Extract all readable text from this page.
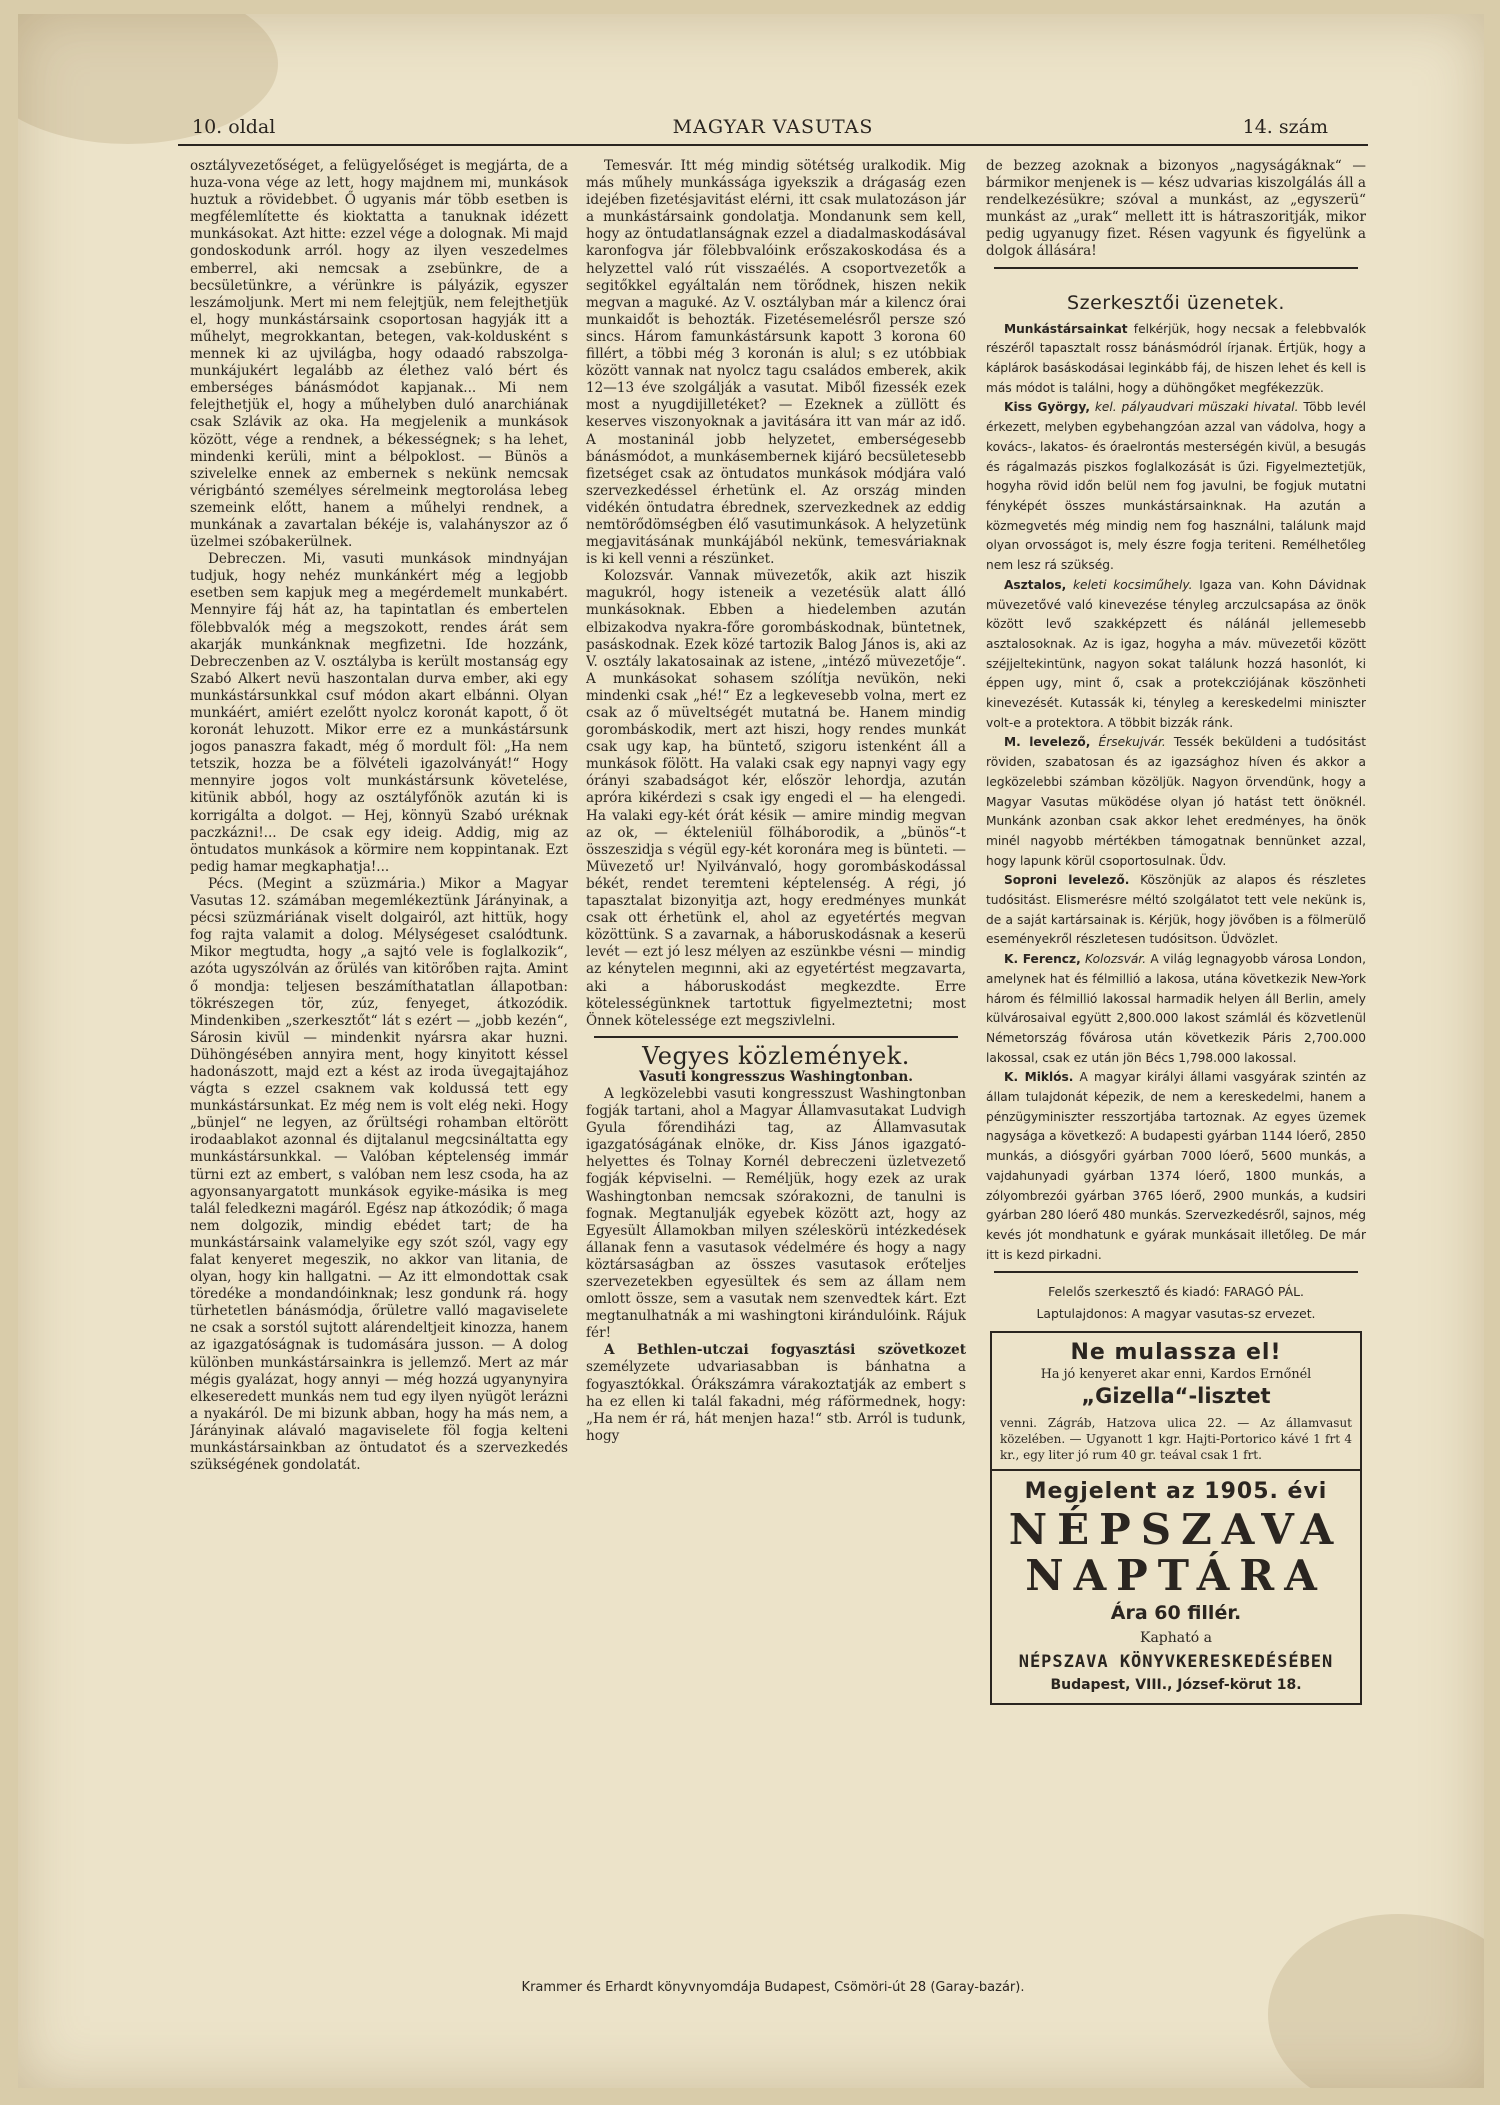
10. oldal	MAGYAR VASUTAS	14. szám

osztályvezetőséget, a felügyelőséget is megjárta, de a huza-vona vége az lett, hogy majdnem mi, munkások huztuk a rövidebbet. Ő ugyanis már több esetben is megfélemlítette és kioktatta a tanuknak idézett munkásokat. Azt hitte: ezzel vége a dolognak. Mi majd gondoskodunk arról. hogy az ilyen veszedelmes emberrel, aki nemcsak a zsebünkre, de a becsületünkre, a vérünkre is pályázik, egyszer leszámoljunk. Mert mi nem felejtjük, nem felejthetjük el, hogy munkástársaink csoportosan hagyják itt a műhelyt, megrokkantan, betegen, vak-koldusként s mennek ki az ujvilágba, hogy odaadó rabszolga-munkájukért legalább az élethez való bért és emberséges bánásmódot kapjanak... Mi nem felejthetjük el, hogy a műhelyben duló anarchiának csak Szlávik az oka. Ha megjelenik a munkások között, vége a rendnek, a békességnek; s ha lehet, mindenki kerüli, mint a bélpoklost. — Bünös a szivelelke ennek az embernek s nekünk nemcsak vérigbántó személyes sérelmeink megtorolása lebeg szemeink előtt, hanem a műhelyi rendnek, a munkának a zavartalan békéje is, valahányszor az ő üzelmei szóbakerülnek.

Debreczen. Mi, vasuti munkások mindnyájan tudjuk, hogy nehéz munkánkért még a legjobb esetben sem kapjuk meg a megérdemelt munkabért. Mennyire fáj hát az, ha tapintatlan és embertelen fölebbvalók még a megszokott, rendes árát sem akarják munkánknak megfizetni. Ide hozzánk, Debreczenben az V. osztályba is került mostanság egy Szabó Alkert nevü haszontalan durva ember, aki egy munkástársunkkal csuf módon akart elbánni. Olyan munkáért, amiért ezelőtt nyolcz koronát kapott, ő öt koronát lehuzott. Mikor erre ez a munkástársunk jogos panaszra fakadt, még ő mordult föl: „Ha nem tetszik, hozza be a fölvételi igazolványát!“ Hogy mennyire jogos volt munkástársunk követelése, kitünik abból, hogy az osztályfőnök azután ki is korrigálta a dolgot. — Hej, könnyü Szabó uréknak paczkázni!... De csak egy ideig. Addig, mig az öntudatos munkások a körmire nem koppintanak. Ezt pedig hamar megkaphatja!...

Pécs. (Megint a szüzmária.) Mikor a Magyar Vasutas 12. számában megemlékeztünk Járányinak, a pécsi szüzmáriának viselt dolgairól, azt hittük, hogy fog rajta valamit a dolog. Mélységeset csalódtunk. Mikor megtudta, hogy „a sajtó vele is foglalkozik“, azóta ugyszólván az őrülés van kitörőben rajta. Amint ő mondja: teljesen beszámíthatatlan állapotban: tökrészegen tör, zúz, fenyeget, átkozódik. Mindenkiben „szerkesztőt“ lát s ezért — „jobb kezén“, Sárosin kivül — mindenkit nyársra akar huzni. Dühöngésében annyira ment, hogy kinyitott késsel hadonászott, majd ezt a kést az iroda üvegajtajához vágta s ezzel csaknem vak koldussá tett egy munkástársunkat. Ez még nem is volt elég neki. Hogy „bünjel“ ne legyen, az őrültségi rohamban eltörött irodaablakot azonnal és dijtalanul megcsináltatta egy munkástársunkkal. — Valóban képtelenség immár türni ezt az embert, s valóban nem lesz csoda, ha az agyonsanyargatott munkások egyike-másika is meg talál feledkezni magáról. Egész nap átkozódik; ő maga nem dolgozik, mindig ebédet tart; de ha munkástársaink valamelyike egy szót szól, vagy egy falat kenyeret megeszik, no akkor van litania, de olyan, hogy kin hallgatni. — Az itt elmondottak csak töredéke a mondandóinknak; lesz gondunk rá. hogy türhetetlen bánásmódja, őrületre valló magaviselete ne csak a sorstól sujtott alárendeltjeit kinozza, hanem az igazgatóságnak is tudomására jusson. — A dolog különben munkástársainkra is jellemző. Mert az már mégis gyalázat, hogy annyi — még hozzá ugyanynyira elkeseredett munkás nem tud egy ilyen nyügöt lerázni a nyakáról. De mi bizunk abban, hogy ha más nem, a Járányinak alávaló magaviselete föl fogja kelteni munkástársainkban az öntudatot és a szervezkedés szükségének gondolatát.

Temesvár. Itt még mindig sötétség uralkodik. Mig más műhely munkássága igyekszik a drágaság ezen idejében fizetésjavitást elérni, itt csak mulatozáson jár a munkástársaink gondolatja. Mondanunk sem kell, hogy az öntudatlanságnak ezzel a diadalmaskodásával karonfogva jár fölebbvalóink erőszakoskodása és a helyzettel való rút visszaélés. A csoportvezetők a segitőkkel egyáltalán nem törődnek, hiszen nekik megvan a maguké. Az V. osztályban már a kilencz órai munkaidőt is behozták. Fizetésemelésről persze szó sincs. Három famunkástársunk kapott 3 korona 60 fillért, a többi még 3 koronán is alul; s ez utóbbiak között vannak nat nyolcz tagu családos emberek, akik 12—13 éve szolgálják a vasutat. Miből fizessék ezek most a nyugdijilletéket? — Ezeknek a züllött és keserves viszonyoknak a javitására itt van már az idő. A mostaninál jobb helyzetet, emberségesebb bánásmódot, a munkásembernek kijáró becsületesebb fizetséget csak az öntudatos munkások módjára való szervezkedéssel érhetünk el. Az ország minden vidékén öntudatra ébrednek, szervezkednek az eddig nemtörődömségben élő vasutimunkások. A helyzetünk megjavitásának munkájából nekünk, temesváriaknak is ki kell venni a részünket.

Kolozsvár. Vannak müvezetők, akik azt hiszik magukról, hogy isteneik a vezetésük alatt álló munkásoknak. Ebben a hiedelemben azután elbizakodva nyakra-főre gorombáskodnak, büntetnek, pasáskodnak. Ezek közé tartozik Balog János is, aki az V. osztály lakatosainak az istene, „intéző müvezetője“. A munkásokat sohasem szólítja nevükön, neki mindenki csak „hé!“ Ez a legkevesebb volna, mert ez csak az ő müveltségét mutatná be. Hanem mindig gorombáskodik, mert azt hiszi, hogy rendes munkát csak ugy kap, ha büntető, szigoru istenként áll a munkások fölött. Ha valaki csak egy napnyi vagy egy órányi szabadságot kér, először lehordja, azután apróra kikérdezi s csak igy engedi el — ha elengedi. Ha valaki egy-két órát késik — amire mindig megvan az ok, — ékteleniül fölháborodik, a „bünös“-t összeszidja s végül egy-két koronára meg is bünteti. — Müvezető ur! Nyilvánvaló, hogy gorombáskodással békét, rendet teremteni képtelenség. A régi, jó tapasztalat bizonyitja azt, hogy eredményes munkát csak ott érhetünk el, ahol az egyetértés megvan közöttünk. S a zavarnak, a háboruskodásnak a keserü levét — ezt jó lesz mélyen az eszünkbe vésni — mindig az kénytelen megınni, aki az egyetértést megzavarta, aki a háboruskodást megkezdte. Erre kötelességünknek tartottuk figyelmeztetni; most Önnek kötelessége ezt megszivlelni.

Vegyes közlemények.
Vasuti kongresszus Washingtonban.

A legközelebbi vasuti kongresszust Washingtonban fogják tartani, ahol a Magyar Államvasutakat Ludvigh Gyula főrendiházi tag, az Államvasutak igazgatóságának elnöke, dr. Kiss János igazgató-helyettes és Tolnay Kornél debreczeni üzletvezető fogják képviselni. — Reméljük, hogy ezek az urak Washingtonban nemcsak szórakozni, de tanulni is fognak. Megtanulják egyebek között azt, hogy az Egyesült Államokban milyen széleskörü intézkedések állanak fenn a vasutasok védelmére és hogy a nagy köztársaságban az összes vasutasok erőteljes szervezetekben egyesültek és sem az állam nem omlott össze, sem a vasutak nem szenvedtek kárt. Ezt megtanulhatnák a mi washingtoni kirándulóink. Rájuk fér!

A Bethlen-utczai fogyasztási szövetkozet személyzete udvariasabban is bánhatna a fogyasztókkal. Órákszámra várakoztatják az embert s ha ez ellen ki talál fakadni, még ráförmednek, hogy: „Ha nem ér rá, hát menjen haza!“ stb. Arról is tudunk, hogy

de bezzeg azoknak a bizonyos „nagyságáknak“ — bármikor menjenek is — kész udvarias kiszolgálás áll a rendelkezésükre; szóval a munkást, az „egyszerü“ munkást az „urak“ mellett itt is hátraszoritják, mikor pedig ugyanugy fizet. Résen vagyunk és figyelünk a dolgok állására!

Szerkesztői üzenetek.

Munkástársainkat felkérjük, hogy necsak a felebbvalók részéről tapasztalt rossz bánásmódról írjanak. Értjük, hogy a káplárok basáskodásai leginkább fáj, de hiszen lehet és kell is más módot is találni, hogy a dühöngőket megfékezzük.

Kiss György, kel. pályaudvari müszaki hivatal. Több levél érkezett, melyben egybehangzóan azzal van vádolva, hogy a kovács-, lakatos- és óraelrontás mesterségén kivül, a besugás és rágalmazás piszkos foglalkozását is űzi. Figyelmeztetjük, hogyha rövid időn belül nem fog javulni, be fogjuk mutatni fényképét összes munkástársainknak. Ha azután a közmegvetés még mindig nem fog használni, találunk majd olyan orvosságot is, mely észre fogja teriteni. Remélhetőleg nem lesz rá szükség.

Asztalos, keleti kocsiműhely. Igaza van. Kohn Dávidnak müvezetővé való kinevezése tényleg arczulcsapása az önök között levő szakképzett és nálánál jellemesebb asztalosoknak. Az is igaz, hogyha a máv. müvezetői között széjjeltekintünk, nagyon sokat találunk hozzá hasonlót, ki éppen ugy, mint ő, csak a protekcziójának köszönheti kinevezését. Kutassák ki, tényleg a kereskedelmi miniszter volt-e a protektora. A többit bizzák ránk.

M. levelező, Érsekujvár. Tessék beküldeni a tudósitást röviden, szabatosan és az igazsághoz híven és akkor a legközelebbi számban közöljük. Nagyon örvendünk, hogy a Magyar Vasutas müködése olyan jó hatást tett önöknél. Munkánk azonban csak akkor lehet eredményes, ha önök minél nagyobb mértékben támogatnak bennünket azzal, hogy lapunk körül csoportosulnak. Üdv.

Soproni levelező. Köszönjük az alapos és részletes tudósitást. Elismerésre méltó szolgálatot tett vele nekünk is, de a saját kartársainak is. Kérjük, hogy jövőben is a fölmerülő eseményekről részletesen tudósitson. Üdvözlet.

K. Ferencz, Kolozsvár. A világ legnagyobb városa London, amelynek hat és félmillió a lakosa, utána következik New-York három és félmillió lakossal harmadik helyen áll Berlin, amely külvárosaival együtt 2,800.000 lakost számlál és közvetlenül Németország fővárosa után következik Páris 2,700.000 lakossal, csak ez után jön Bécs 1,798.000 lakossal.

K. Miklós. A magyar királyi állami vasgyárak szintén az állam tulajdonát képezik, de nem a kereskedelmi, hanem a pénzügyminiszter resszortjába tartoznak. Az egyes üzemek nagysága a következő: A budapesti gyárban 1144 lóerő, 2850 munkás, a diósgyőri gyárban 7000 lóerő, 5600 munkás, a vajdahunyadi gyárban 1374 lóerő, 1800 munkás, a zólyombrezói gyárban 3765 lóerő, 2900 munkás, a kudsiri gyárban 280 lóerő 480 munkás. Szervezkedésről, sajnos, még kevés jót mondhatunk e gyárak munkásait illetőleg. De már itt is kezd pirkadni.

Felelős szerkesztő és kiadó: FARAGÓ PÁL.
Laptulajdonos: A magyar vasutas-sz ervezet.
Ne mulassza el!
Ha jó kenyeret akar enni, Kardos Ernőnél
„Gizella“-lisztet
venni. Zágráb, Hatzova ulica 22. — Az államvasut közelében. — Ugyanott 1 kgr. Hajti-Portorico kávé 1 frt 4 kr., egy liter jó rum 40 gr. teával csak 1 frt.
Megjelent az 1905. évi
NÉPSZAVA
NAPTÁRA
Ára 60 fillér.
Kapható a
NÉPSZAVA KÖNYVKERESKEDÉSÉBEN
Budapest, VIII., József-körut 18.
Krammer és Erhardt könyvnyomdája Budapest, Csömöri-út 28 (Garay-bazár).
